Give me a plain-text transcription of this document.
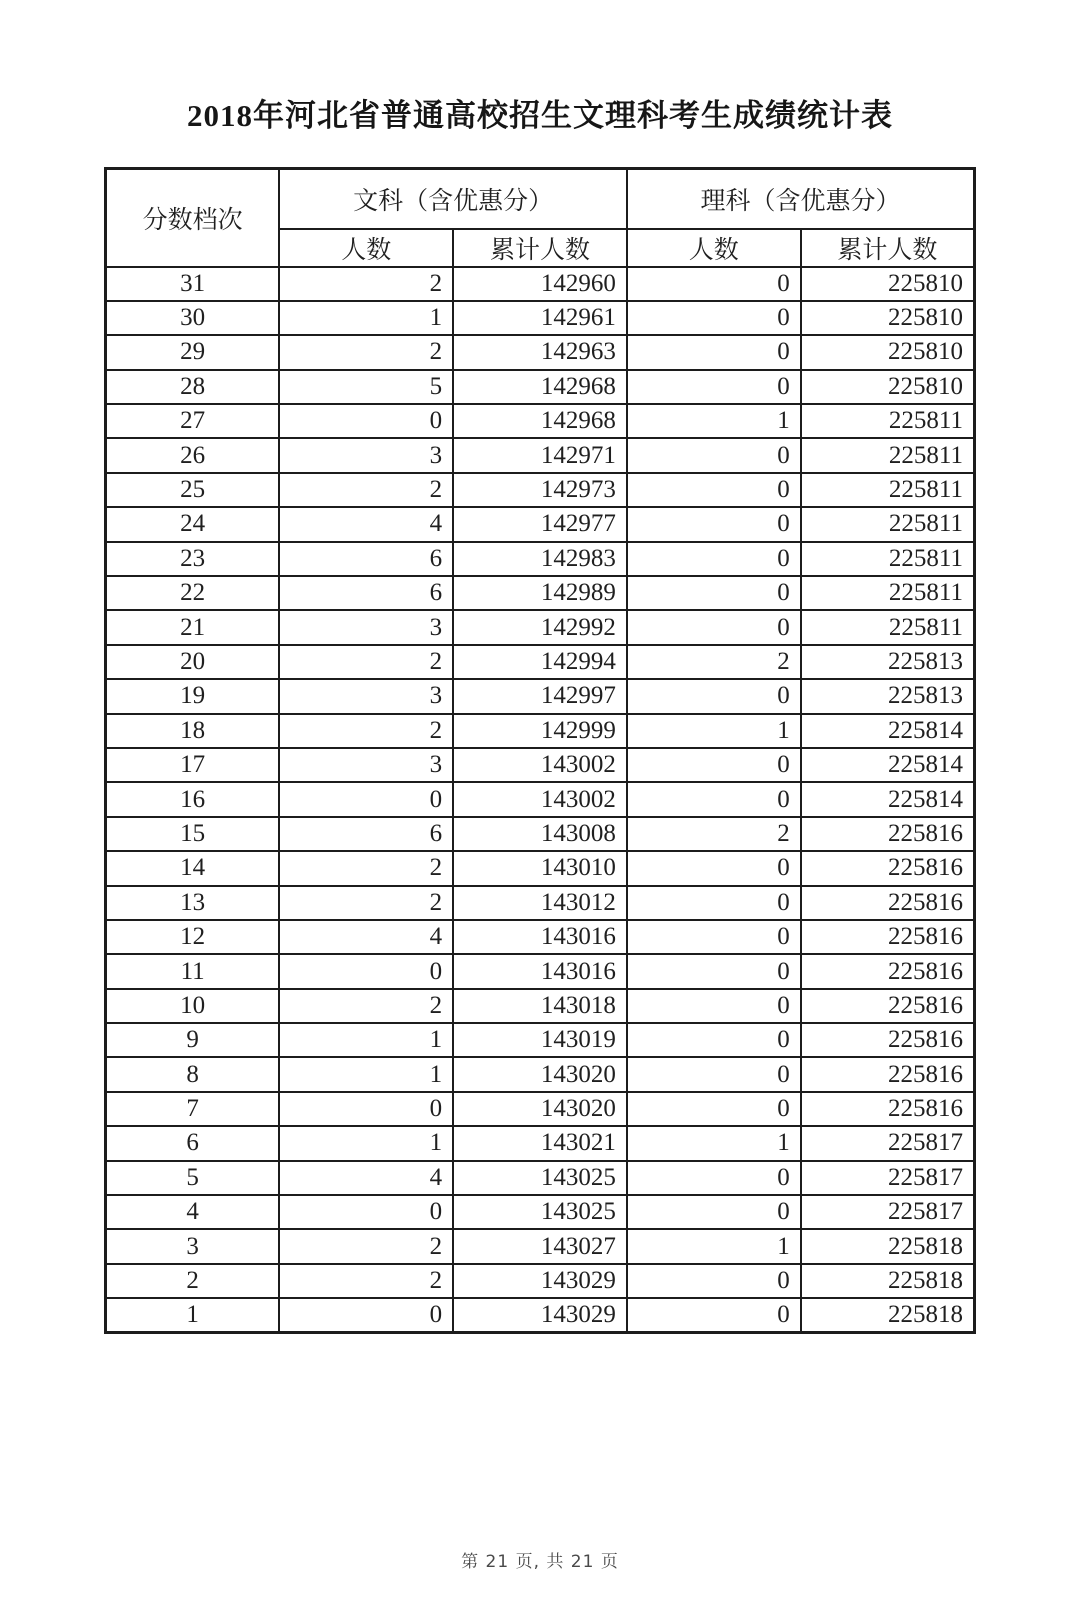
2018年河北省普通高校招生文理科考生成绩统计表
分数档次	文科（含优惠分）		理科（含优惠分）	
	人数	累计人数	人数	累计人数
31	2	142960	0	225810
30	1	142961	0	225810
29	2	142963	0	225810
28	5	142968	0	225810
27	0	142968	1	225811
26	3	142971	0	225811
25	2	142973	0	225811
24	4	142977	0	225811
23	6	142983	0	225811
22	6	142989	0	225811
21	3	142992	0	225811
20	2	142994	2	225813
19	3	142997	0	225813
18	2	142999	1	225814
17	3	143002	0	225814
16	0	143002	0	225814
15	6	143008	2	225816
14	2	143010	0	225816
13	2	143012	0	225816
12	4	143016	0	225816
11	0	143016	0	225816
10	2	143018	0	225816
9	1	143019	0	225816
8	1	143020	0	225816
7	0	143020	0	225816
6	1	143021	1	225817
5	4	143025	0	225817
4	0	143025	0	225817
3	2	143027	1	225818
2	2	143029	0	225818
1	0	143029	0	225818
第 21 页, 共 21 页
